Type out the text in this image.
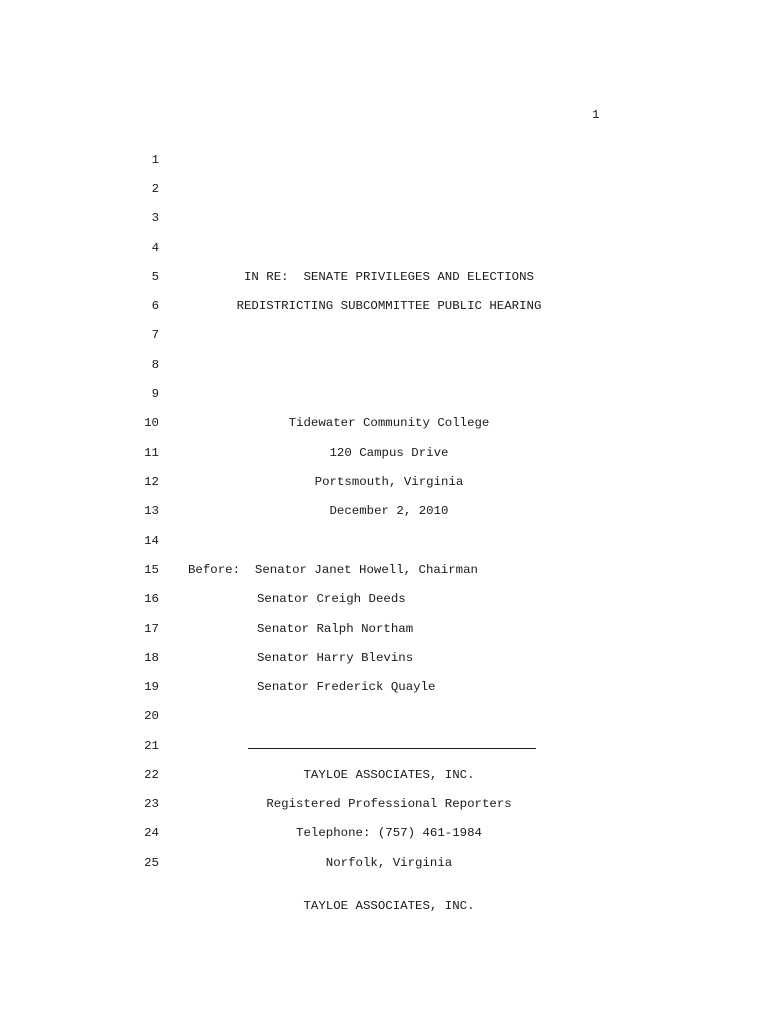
1
1
2
3
4
5	IN RE:  SENATE PRIVILEGES AND ELECTIONS
6	REDISTRICTING SUBCOMMITTEE PUBLIC HEARING
7
8
9
10	Tidewater Community College
11	120 Campus Drive
12	Portsmouth, Virginia
13	December 2, 2010
14
15 Before:  Senator Janet Howell, Chairman
16	Senator Creigh Deeds
17	Senator Ralph Northam
18	Senator Harry Blevins
19	Senator Frederick Quayle
20
21
22	TAYLOE ASSOCIATES, INC.
23	Registered Professional Reporters
24	Telephone: (757) 461-1984
25	Norfolk, Virginia
TAYLOE ASSOCIATES, INC.
